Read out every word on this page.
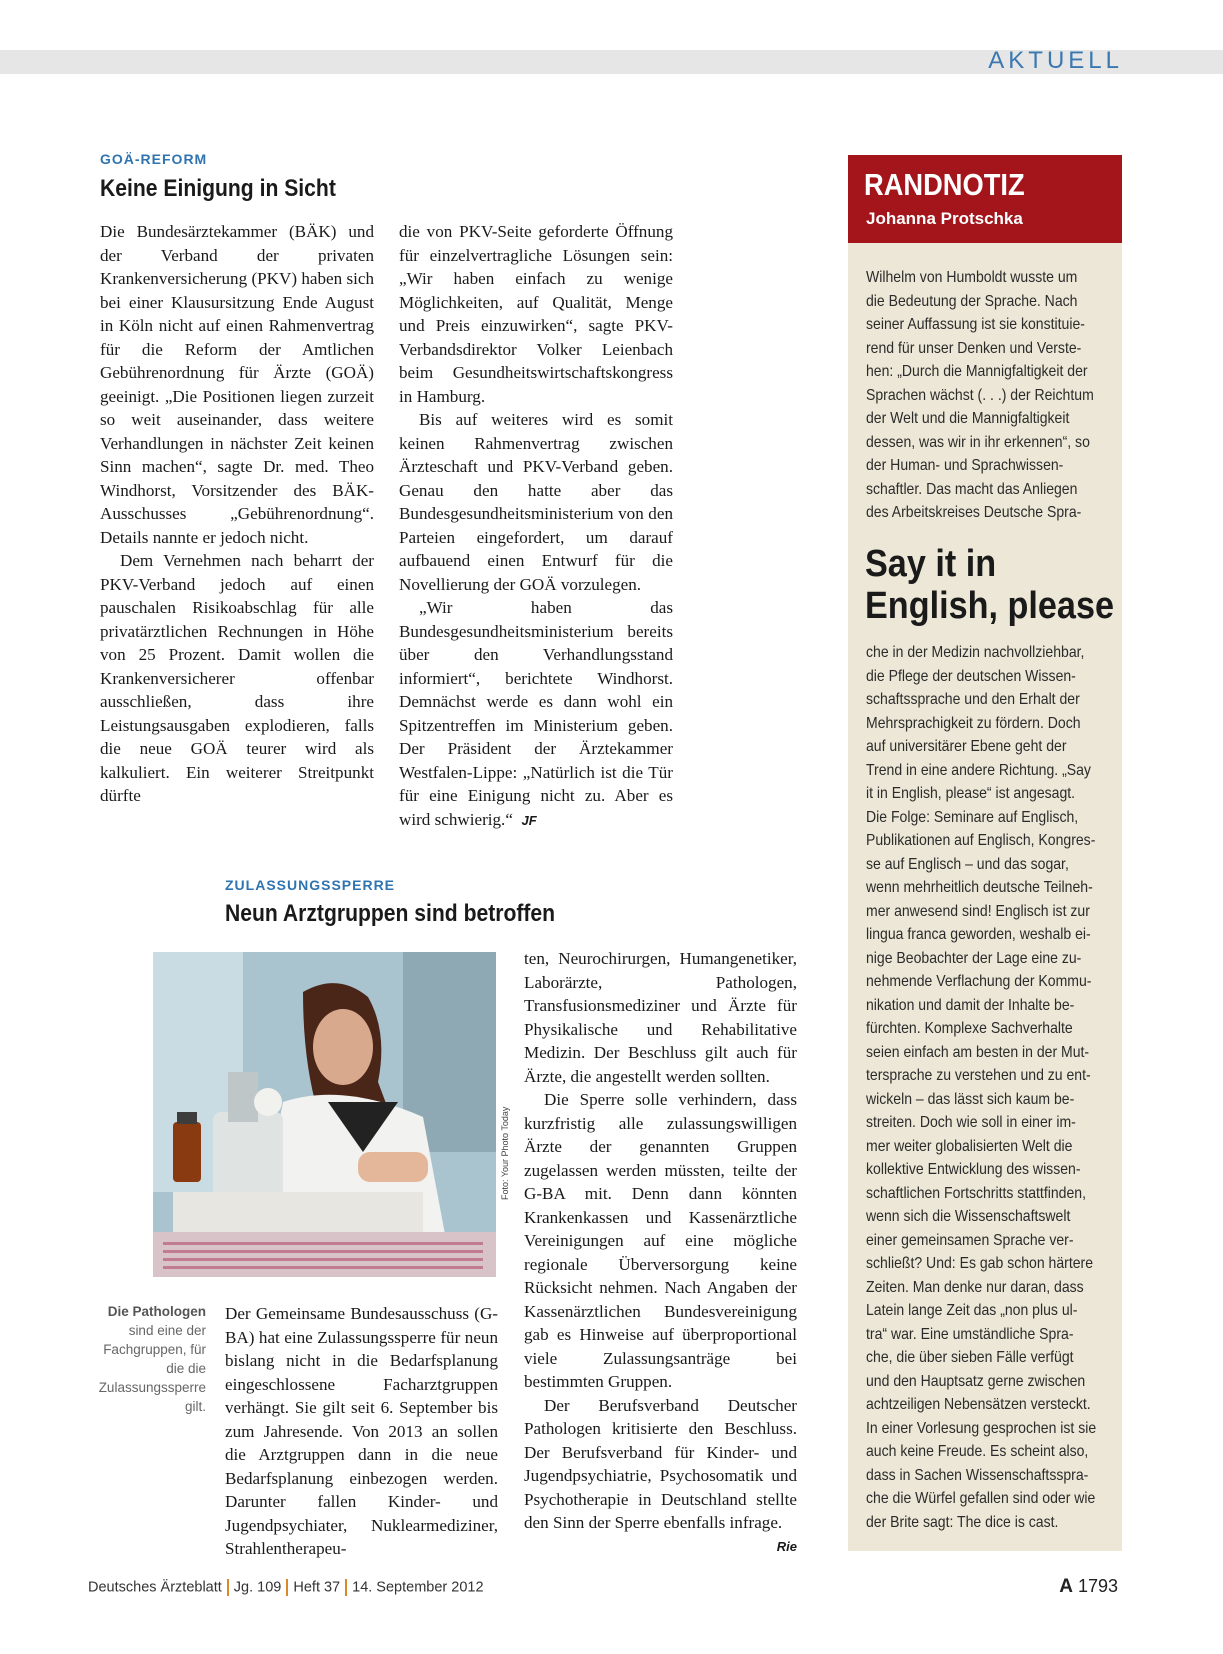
AKTUELL
GOÄ-REFORM
Keine Einigung in Sicht

Die Bundesärztekammer (BÄK) und der Verband der privaten Krankenversicherung (PKV) haben sich bei einer Klausursitzung Ende August in Köln nicht auf einen Rahmenvertrag für die Reform der Amtlichen Gebührenordnung für Ärzte (GOÄ) geeinigt. „Die Positionen liegen zurzeit so weit auseinander, dass weitere Verhandlungen in nächster Zeit keinen Sinn machen“, sagte Dr. med. Theo Windhorst, Vorsitzender des BÄK-Ausschusses „Gebührenordnung“. Details nannte er jedoch nicht.

Dem Vernehmen nach beharrt der PKV-Verband jedoch auf einen pauschalen Risikoabschlag für alle privatärztlichen Rechnungen in Höhe von 25 Prozent. Damit wollen die Krankenversicherer offenbar ausschließen, dass ihre Leistungsausgaben explodieren, falls die neue GOÄ teurer wird als kalkuliert. Ein weiterer Streitpunkt dürfte

die von PKV-Seite geforderte Öffnung für einzelvertragliche Lösungen sein: „Wir haben einfach zu wenige Möglichkeiten, auf Qualität, Menge und Preis einzuwirken“, sagte PKV-Verbandsdirektor Volker Leienbach beim Gesundheitswirtschaftskongress in Hamburg.

Bis auf weiteres wird es somit keinen Rahmenvertrag zwischen Ärzteschaft und PKV-Verband geben. Genau den hatte aber das Bundesgesundheitsministerium von den Parteien eingefordert, um darauf aufbauend einen Entwurf für die Novellierung der GOÄ vorzulegen.

„Wir haben das Bundesgesundheitsministerium bereits über den Verhandlungsstand informiert“, berichtete Windhorst. Demnächst werde es dann wohl ein Spitzentreffen im Ministerium geben. Der Präsident der Ärztekammer Westfalen-Lippe: „Natürlich ist die Tür für eine Einigung nicht zu. Aber es wird schwierig.“ JF

ZULASSUNGSSPERRE
Neun Arztgruppen sind betroffen
Foto: Your Photo Today
Die Pathologen
sind eine der Fachgruppen, für die die Zulassungssperre gilt.

Der Gemeinsame Bundesausschuss (G-BA) hat eine Zulassungssperre für neun bislang nicht in die Bedarfsplanung eingeschlossene Facharztgruppen verhängt. Sie gilt seit 6. September bis zum Jahresende. Von 2013 an sollen die Arztgruppen dann in die neue Bedarfsplanung einbezogen werden. Darunter fallen Kinder- und Jugendpsychiater, Nuklearmediziner, Strahlentherapeu-

ten, Neurochirurgen, Humangenetiker, Laborärzte, Pathologen, Transfusionsmediziner und Ärzte für Physikalische und Rehabilitative Medizin. Der Beschluss gilt auch für Ärzte, die angestellt werden sollten.

Die Sperre solle verhindern, dass kurzfristig alle zulassungswilligen Ärzte der genannten Gruppen zugelassen werden müssten, teilte der G-BA mit. Denn dann könnten Krankenkassen und Kassenärztliche Vereinigungen auf eine mögliche regionale Überversorgung keine Rücksicht nehmen. Nach Angaben der Kassenärztlichen Bundesvereinigung gab es Hinweise auf überproportional viele Zulassungsanträge bei bestimmten Gruppen.

Der Berufsverband Deutscher Pathologen kritisierte den Beschluss. Der Berufsverband für Kinder- und Jugendpsychiatrie, Psychosomatik und Psychotherapie in Deutschland stellte den Sinn der Sperre ebenfalls infrage.
Rie

RANDNOTIZ
Johanna Protschka
Wilhelm von Humboldt wusste um
die Bedeutung der Sprache. Nach
seiner Auffassung ist sie konstituie-
rend für unser Denken und Verste-
hen: „Durch die Mannigfaltigkeit der
Sprachen wächst (. . .) der Reichtum
der Welt und die Mannigfaltigkeit
dessen, was wir in ihr erkennen“, so
der Human- und Sprachwissen-
schaftler. Das macht das Anliegen
des Arbeitskreises Deutsche Spra-
Say it in
English, please
che in der Medizin nachvollziehbar,
die Pflege der deutschen Wissen-
schaftssprache und den Erhalt der
Mehrsprachigkeit zu fördern. Doch
auf universitärer Ebene geht der
Trend in eine andere Richtung. „Say
it in English, please“ ist angesagt.
Die Folge: Seminare auf Englisch,
Publikationen auf Englisch, Kongres-
se auf Englisch – und das sogar,
wenn mehrheitlich deutsche Teilneh-
mer anwesend sind! Englisch ist zur
lingua franca geworden, weshalb ei-
nige Beobachter der Lage eine zu-
nehmende Verflachung der Kommu-
nikation und damit der Inhalte be-
fürchten. Komplexe Sachverhalte
seien einfach am besten in der Mut-
tersprache zu verstehen und zu ent-
wickeln – das lässt sich kaum be-
streiten. Doch wie soll in einer im-
mer weiter globalisierten Welt die
kollektive Entwicklung des wissen-
schaftlichen Fortschritts stattfinden,
wenn sich die Wissenschaftswelt
einer gemeinsamen Sprache ver-
schließt? Und: Es gab schon härtere
Zeiten. Man denke nur daran, dass
Latein lange Zeit das „non plus ul-
tra“ war. Eine umständliche Spra-
che, die über sieben Fälle verfügt
und den Hauptsatz gerne zwischen
achtzeiligen Nebensätzen versteckt.
In einer Vorlesung gesprochen ist sie
auch keine Freude. Es scheint also,
dass in Sachen Wissenschaftsspra-
che die Würfel gefallen sind oder wie
der Brite sagt: The dice is cast.
Deutsches Ärzteblatt Jg. 109 Heft 37 14. September 2012	A 1793
